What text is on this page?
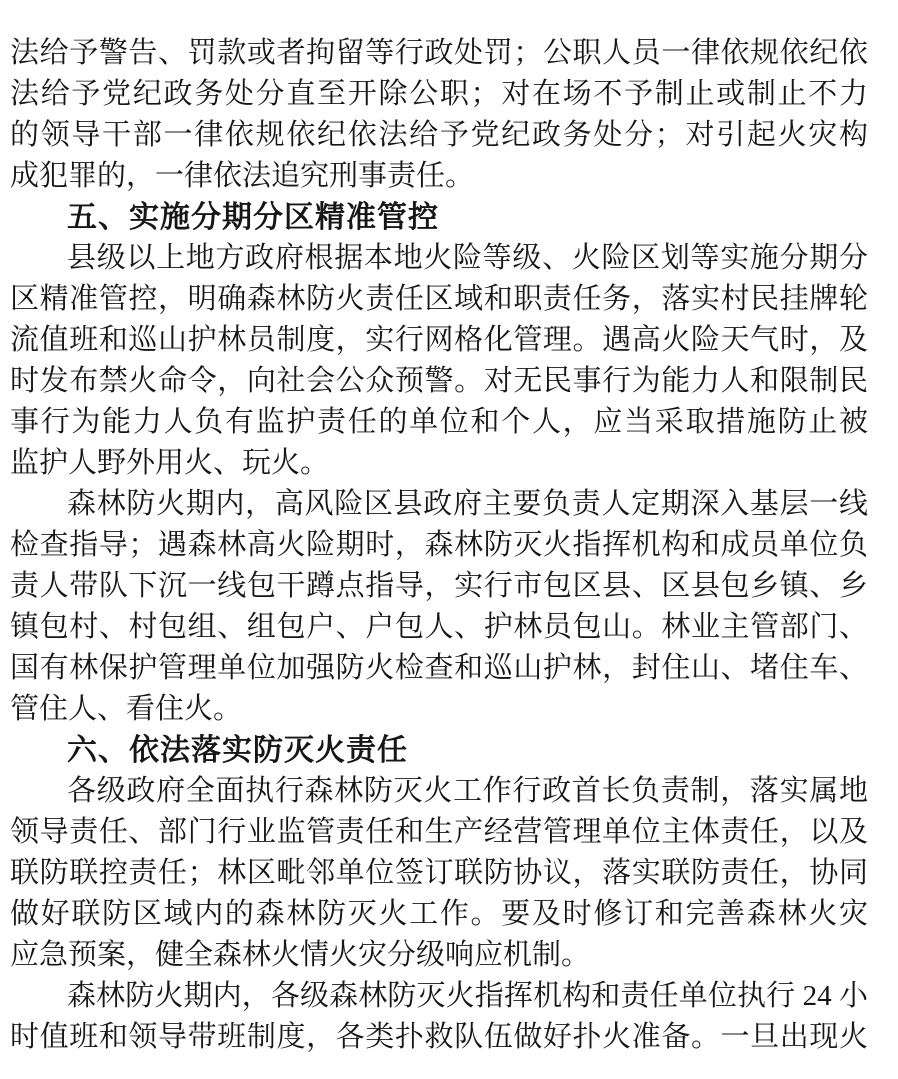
法给予警告、罚款或者拘留等行政处罚；公职人员一律依规依纪依
法给予党纪政务处分直至开除公职；对在场不予制止或制止不力
的领导干部一律依规依纪依法给予党纪政务处分；对引起火灾构
成犯罪的，一律依法追究刑事责任。
五、实施分期分区精准管控
县级以上地方政府根据本地火险等级、火险区划等实施分期分
区精准管控，明确森林防火责任区域和职责任务，落实村民挂牌轮
流值班和巡山护林员制度，实行网格化管理。遇高火险天气时，及
时发布禁火命令，向社会公众预警。对无民事行为能力人和限制民
事行为能力人负有监护责任的单位和个人，应当采取措施防止被
监护人野外用火、玩火。
森林防火期内，高风险区县政府主要负责人定期深入基层一线
检查指导；遇森林高火险期时，森林防灭火指挥机构和成员单位负
责人带队下沉一线包干蹲点指导，实行市包区县、区县包乡镇、乡
镇包村、村包组、组包户、户包人、护林员包山。林业主管部门、
国有林保护管理单位加强防火检查和巡山护林，封住山、堵住车、
管住人、看住火。
六、依法落实防灭火责任
各级政府全面执行森林防灭火工作行政首长负责制，落实属地
领导责任、部门行业监管责任和生产经营管理单位主体责任，以及
联防联控责任；林区毗邻单位签订联防协议，落实联防责任，协同
做好联防区域内的森林防灭火工作。要及时修订和完善森林火灾
应急预案，健全森林火情火灾分级响应机制。
森林防火期内，各级森林防灭火指挥机构和责任单位执行 24 小
时值班和领导带班制度，各类扑救队伍做好扑火准备。一旦出现火
